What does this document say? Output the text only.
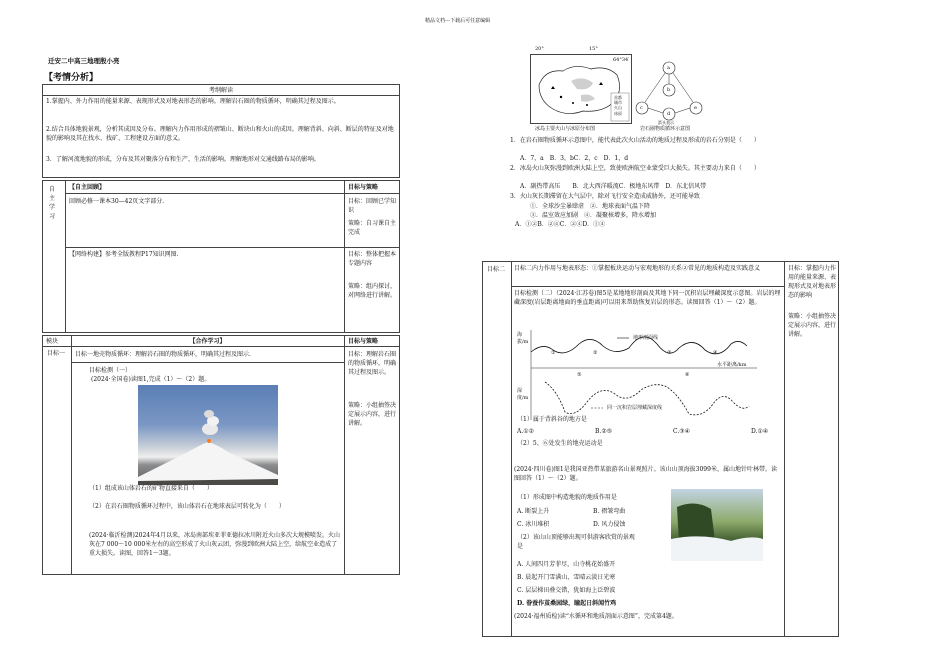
精品文档---下载后可任意编辑
迁安二中高三地理殷小亮
【考情分析】
考纲解读
1.掌握内、外力作用的能量来源、表现形式及对地表形态的影响。理解岩石圈的物质循环，明确其过程及图示。
2.结合具体地貌景观，分析其成因及分布。理解内力作用形成的褶皱山、断块山和火山的成因。理解背斜、向斜、断层的特征及对地貌的影响及其在找水、找矿、工程建设方面的意义。
3．了解河流地貌的形成，分布及其对聚落分布和生产、生活的影响。理解地形对交通线路布局的影响。
自主学习
【自主回顾】	目标与策略
回顾必修一课本30—42页文字部分.	目标：回顾已学知识
策略：自习课自主完成
【网络构建】参考全版教程P17知识网图.	目标：整体把握本专题内容
策略：组内探讨，对网络进行讲解。
模块	【合作学习】	目标与策略
目标一	目标一地壳物质循环：理解岩石圈的物质循环，明确其过程及图示.	目标：理解岩石圈的物质循环，明确其过程及图示。
策略：小组抽签决定展示内容，进行讲解。
目标检测（一）
(2024·全国卷)读图1,完成（1）～（2）题。
（1）组成该山体岩石的矿物直接来自（　　）
（2）在岩石圈物质循环过程中，该山体岩石在地球表层可转化为（　　）
(2024·临沂检测)2024年4月以来，冰岛南部埃亚菲亚德拉冰川附近火山多次大规模喷发。火山灰在7 000～10 000米左右的高空形成了火山灰云团，弥漫到欧洲大陆上空，给航空业造成了重大损失。读图，回答1～3题。
20°	15°
64°34′
首都
城市
火山
冰原
冰岛主要火山与冰原分布图
a
b
c
d
e
箭头表示
岩石圈物质循环示意图
1．在岩石圈物质循环示意图中，能代表此次火山活动的地质过程及形成的岩石分别是（　　）
A．7，a　B．3，bC．2，c　D．1，d
2．冰岛火山灰弥漫到欧洲大陆上空，致使欧洲航空业蒙受巨大损失。其主要动力来自（　　）
A．副热带高压　　B．北大西洋暖流C．极地东风带　D．东北信风带
3．火山灰长期滞留在大气层中，除对飞行安全造成威胁外，还可能导致
①．全球沙尘暴肆虐　②．地球表面气温下降
③．温室效应加剧　④．凝聚核增多，降水增加
A．①②B．②④C．②④D．①④
目标二	目标二内力作用与地表形态：①掌握板块运动与宏观地形的关系②常见的地质构造及实践意义	目标：掌握内力作用的能量来源、表现形式及对地表形态的影响
策略：小组抽签决定展示内容，进行讲解。
目标检测（二）（2024·江苏卷)图5是某地地形剖面及其地下同一沉积岩层埋藏深度示意图。岩层的埋藏深度(岩层距离地面的垂直距离)可以用来帮助恢复岩层的形态。读图回答（1）～（2）题。
地形剖面线
同一沉积岩层埋藏深度线
水平距离/km
海拔/m
深度/m
①	②	③	④
⑤	⑥
（1）属于背斜谷的地方是
A.①②	B.②⑤	C.③④	D.①④
（2）5、⑥处发生的地壳运动是
(2024·四川卷)图1是我国亚热带某旅游名山景观照片。该山山顶海拔3099米，属山地针叶林带。读图回答（1）～（2）题。
（1）形成图中构造地貌的地质作用是
A. 断裂上升	B. 褶皱弯曲
C. 冰川堆积	D. 风力侵蚀
（2）该山山顶能够出现可供游客欣赏的景观是
A. 人间四月芳菲尽，山寺桃花始盛开
B. 晨起开门雪满山，雪晴云淡日光寒
C. 层层梯田叠交错，犹如海上泛碧波
D. 眷蚕作茧桑园绿，瞳起日斜闻竹鸡
(2024·福州质检)读“水循环和地质剖面示意图”，完成第4题。
